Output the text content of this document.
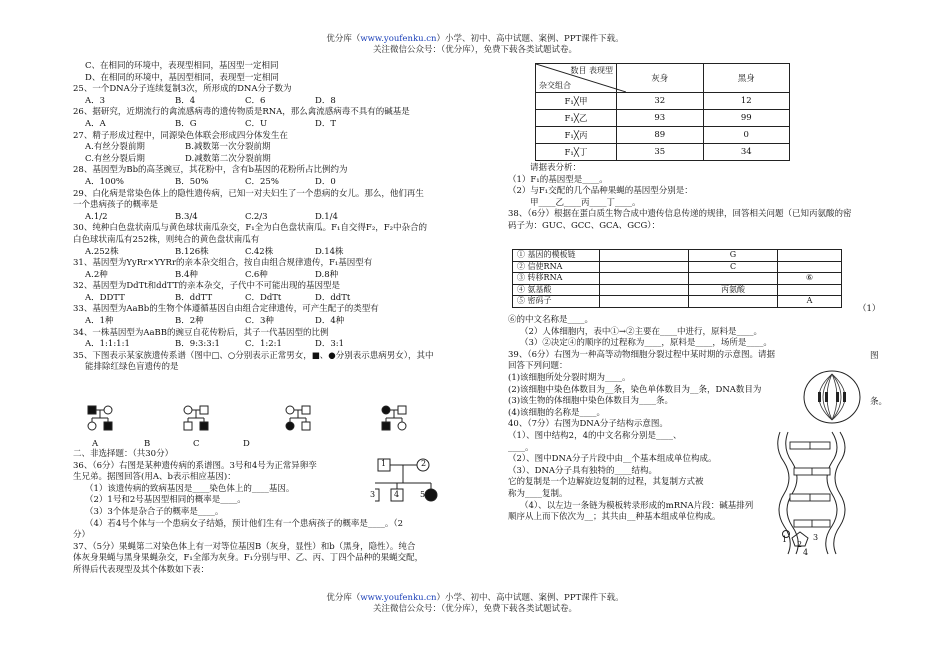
优分库（www.youfenku.cn）小学、初中、高中试题、案例、PPT课件下载。
关注微信公众号：（优分库），免费下载各类试题试卷。

C、在相同的环境中，表现型相同，基因型一定相同

D、在相同的环境中，基因型相同，表现型一定相同

25、一个DNA分子连续复制3次，所形成的DNA分子数为

A．3	B．4	C．6	D．8

26、据研究，近期流行的禽流感病毒的遗传物质是RNA，那么禽流感病毒不具有的碱基是

A．A	B．G	C．U	D．T

27、精子形成过程中，同源染色体联会形成四分体发生在

A.有丝分裂前期	B.减数第一次分裂前期

C.有丝分裂后期	D.减数第二次分裂前期

28、基因型为Bb的高茎豌豆，其花粉中，含有b基因的花粉所占比例约为

A．100%	B．50%	C．25%	D．0

29、白化病是常染色体上的隐性遗传病，已知一对夫妇生了一个患病的女儿。那么，他们再生

一个患病孩子的概率是

A.1/2	B.3/4	C.2/3	D.1/4

30、纯种白色盘状南瓜与黄色球状南瓜杂交，F₁全为白色盘状南瓜。F₁自交得F₂，F₂中杂合的

白色球状南瓜有252株，则纯合的黄色盘状南瓜有

A.252株	B.126株	C.42株	D.14株

31、基因型为YyRr×YYRr的亲本杂交组合，按自由组合规律遗传，F₁基因型有

A.2种	B.4种	C.6种	D.8种

32、基因型为DdTt和ddTT的亲本杂交，子代中不可能出现的基因型是

A．DDTT	B．ddTT	C．DdTt	D．ddTt

33、基因型为AaBb的生物个体遵循基因自由组合定律遗传，可产生配子的类型有

A．1种	B．2种	C．3种	D．4种

34、一株基因型为AaBB的豌豆自花传粉后，其子一代基因型的比例

A．1:1:1:1	B．9:3:3:1	C．1:2:1	D．3:1

35、下图表示某家族遗传系谱（图中□、○分别表示正常男女，■、●分别表示患病男女），其中

能排除红绿色盲遗传的是

A	B	C	D

二、非选择题：（共30分）

36、（6分）右图是某种遗传病的系谱图。3号和4号为正常异卵孪

生兄弟。据图回答(用A、b表示相应基因)：

（1）该遗传病的致病基因是____染色体上的____基因。

（2）1号和2号基因型相同的概率是____。

（3）3个体是杂合子的概率是____。

（4）若4号个体与一个患病女子结婚，预计他们生有一个患病孩子的概率是____。（2

分）

37、（5分）果蝇第二对染色体上有一对等位基因B（灰身，显性）和b（黑身，隐性）。纯合

体灰身果蝇与黑身果蝇杂交，F₁全部为灰身。F₁分别与甲、乙、丙、丁四个品种的果蝇交配，

所得后代表现型及其个体数如下表：

1	2
3 4	5
数目 表现型
杂交组合	灰身	黑身
F₁╳甲	32	12
F₁╳乙	93	99
F₁╳丙	89	0
F₁╳丁	35	34

请据表分析：

（1）F₁的基因型是____。

（2）与F₁交配的几个品种果蝇的基因型分别是：

甲____乙____丙____丁____。

38、（6分）根据在蛋白质生物合成中遗传信息传递的规律，回答相关问题（已知丙氨酸的密

码子为：GUC、GCC、GCA、GCG）：

① 基因的模板链		G	
② 信使RNA		C	
③ 转移RNA			⑥
④ 氨基酸		丙氨酸	
⑤ 密码子			A
（1）

⑥的中文名称是____。

（2）人体细胞内，表中①→②主要在____中进行，原料是____。

（3）②决定④的顺序的过程称为____，原料是____，场所是____。

39、（6分）右图为一种高等动物细胞分裂过程中某时期的示意图。请据

回答下列问题：

(1)该细胞所处分裂时期为____。

(2)该细胞中染色体数目为__条，染色单体数目为__条，DNA数目为

(3)该生物的体细胞中染色体数目为____条。

(4)该细胞的名称是____。

40、（7分）右图为DNA分子结构示意图。

（1）、图中结构2，4的中文名称分别是____、

____。

（2）、图中DNA分子片段中由__个基本组成单位构成。

（3）、DNA分子具有独特的____结构。

它的复制是一个边解旋边复制的过程，其复制方式被

称为____复制。

（4）、以左边一条链为模板转录形成的mRNA片段：碱基排列

顺序从上而下依次为__；其共由__种基本组成单位构成。

图
条。
1
2
3
4
优分库（www.youfenku.cn）小学、初中、高中试题、案例、PPT课件下载。
关注微信公众号：（优分库），免费下载各类试题试卷。
